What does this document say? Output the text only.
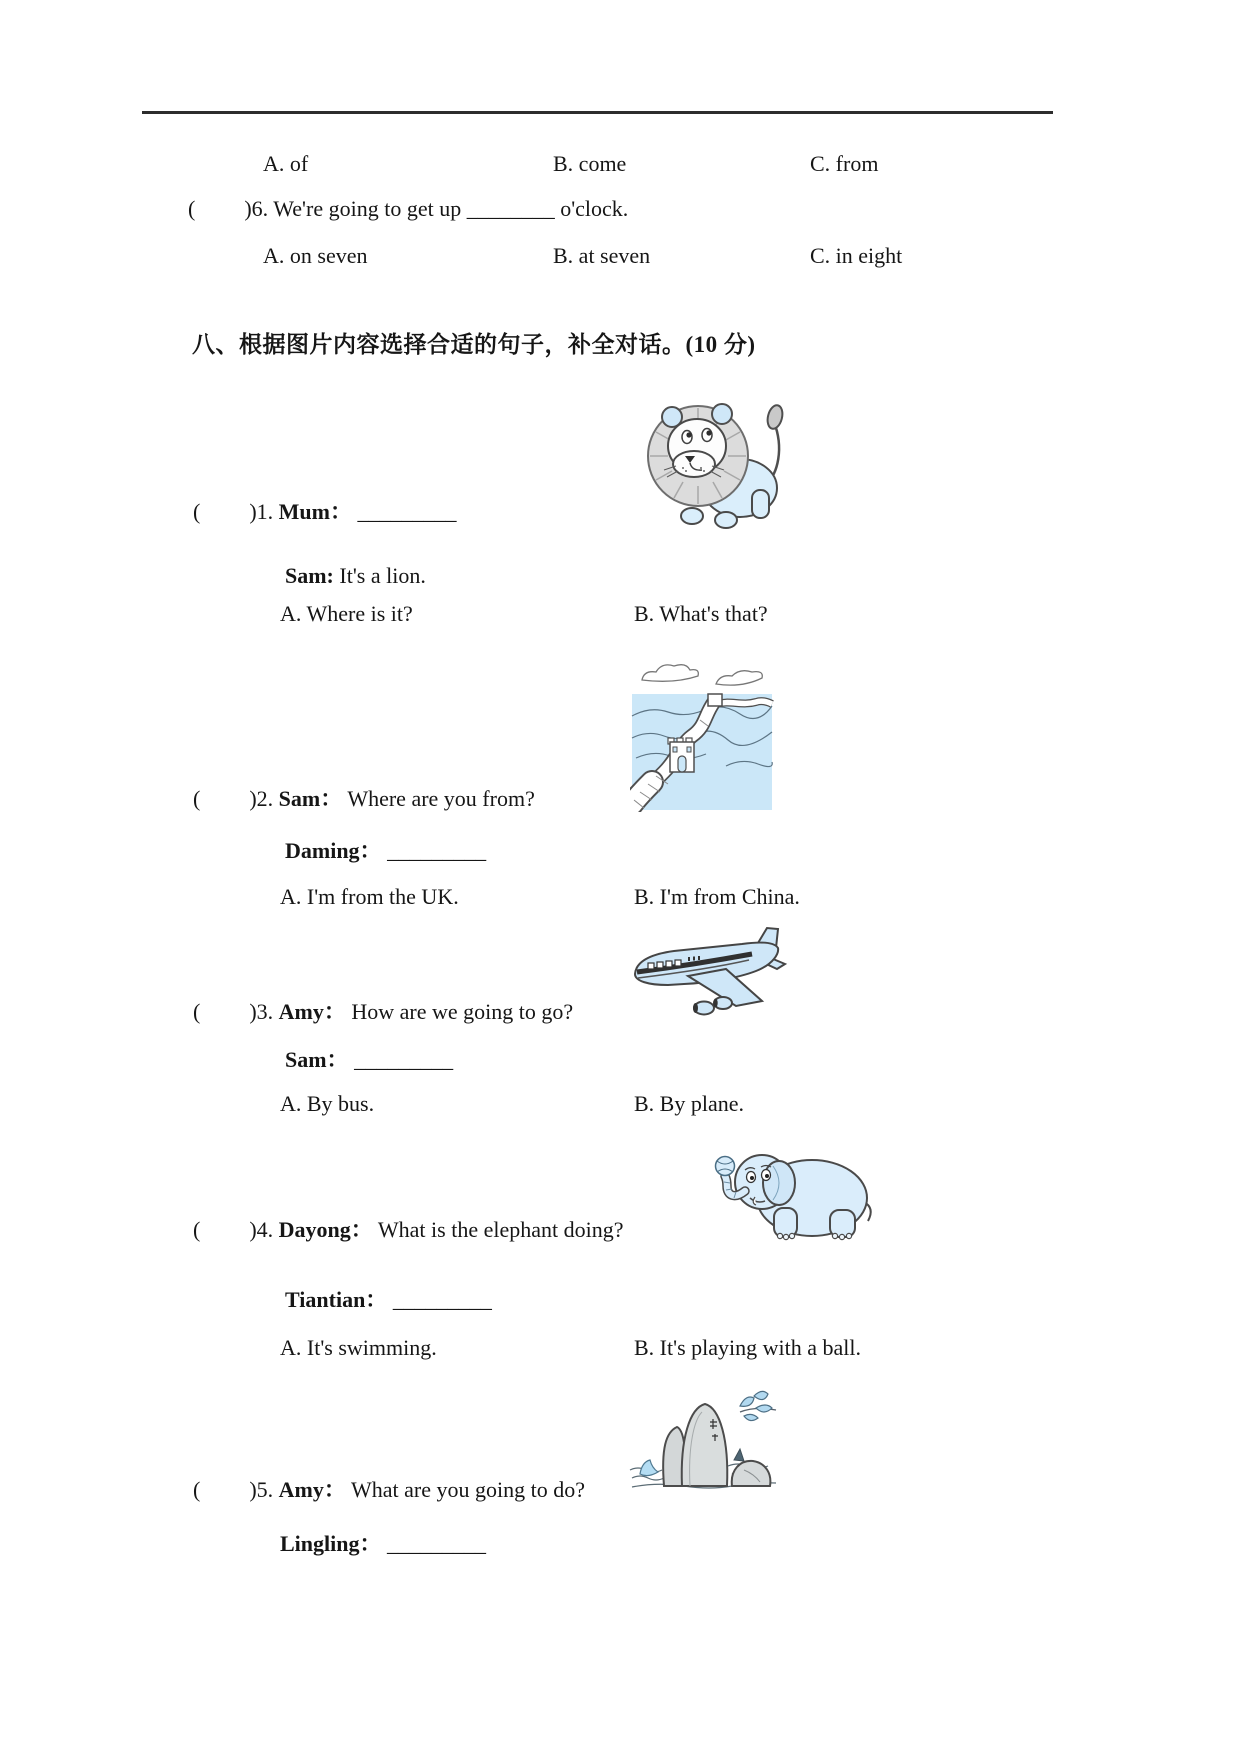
A. of	B. come	C. from
( )6. We're going to get up ________ o'clock.
A. on seven	B. at seven	C. in eight
八、根据图片内容选择合适的句子，补全对话。(10 分)
( )1. Mum： _________
Sam: It's a lion.
A. Where is it?	B. What's that?
( )2. Sam： Where are you from?
Daming： _________
A. I'm from the UK.	B. I'm from China.
( )3. Amy： How are we going to go?
Sam： _________
A. By bus.	B. By plane.
( )4. Dayong： What is the elephant doing?
Tiantian： _________
A. It's swimming.	B. It's playing with a ball.
( )5. Amy： What are you going to do?
Lingling： _________
